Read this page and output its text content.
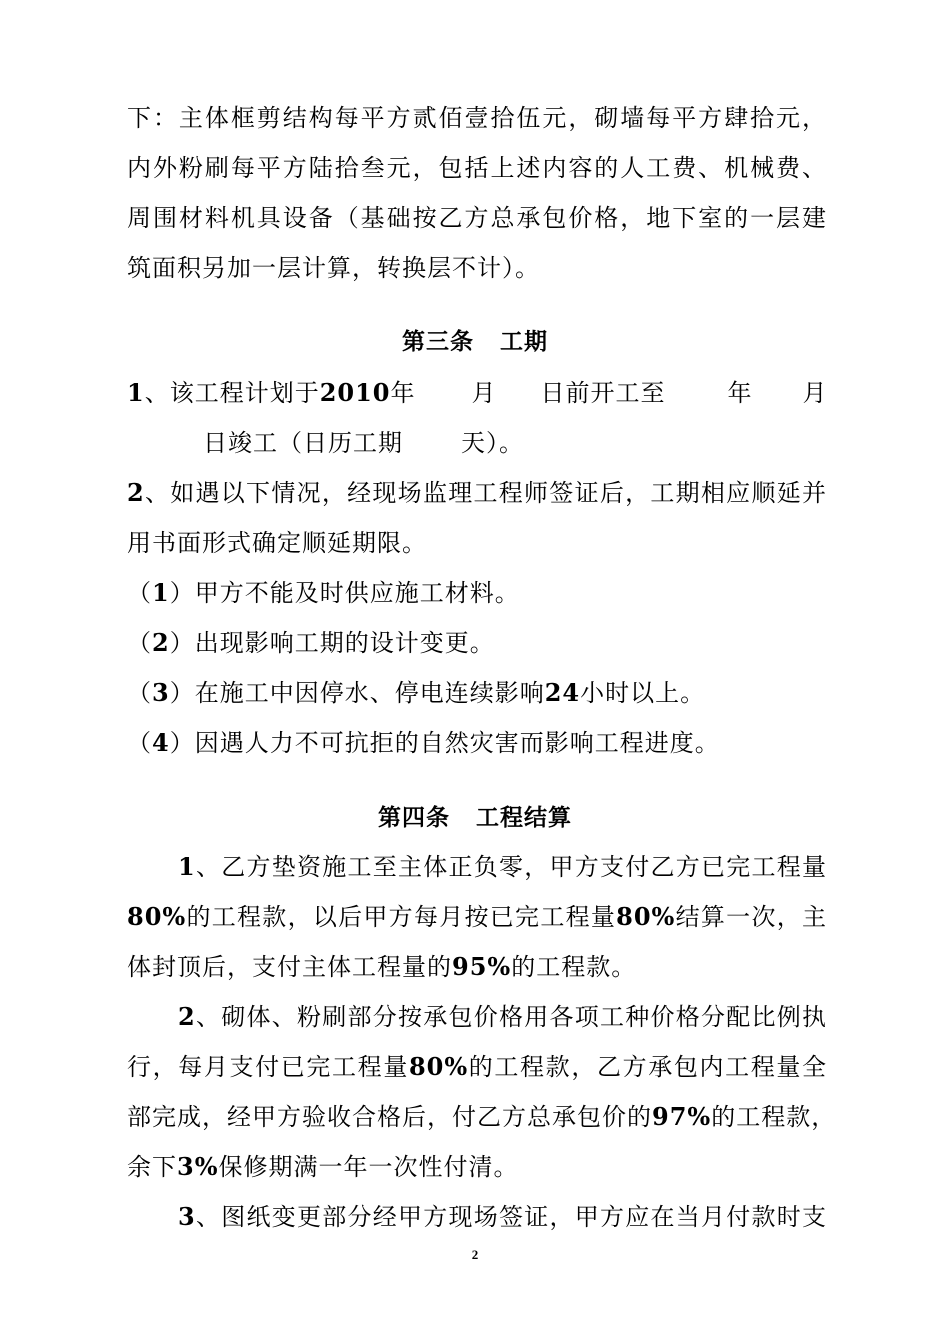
下：主体框剪结构每平方贰佰壹拾伍元，砌墙每平方肆拾元，
内外粉刷每平方陆拾叁元，包括上述内容的人工费、机械费、
周围材料机具设备（基础按乙方总承包价格，地下室的一层建
筑面积另加一层计算，转换层不计）。
第三条 工期
1、该工程计划于2010年 月 日前开工至	年 月
日竣工（日历工期 天）。
2、如遇以下情况，经现场监理工程师签证后，工期相应顺延并
用书面形式确定顺延期限。
（1）甲方不能及时供应施工材料。
（2）出现影响工期的设计变更。
（3）在施工中因停水、停电连续影响24小时以上。
（4）因遇人力不可抗拒的自然灾害而影响工程进度。
第四条 工程结算
1、乙方垫资施工至主体正负零，甲方支付乙方已完工程量
80%的工程款，以后甲方每月按已完工程量80%结算一次，主
体封顶后，支付主体工程量的95%的工程款。
2、砌体、粉刷部分按承包价格用各项工种价格分配比例执
行，每月支付已完工程量80%的工程款，乙方承包内工程量全
部完成，经甲方验收合格后，付乙方总承包价的97%的工程款，
余下3%保修期满一年一次性付清。
3、图纸变更部分经甲方现场签证，甲方应在当月付款时支
2
